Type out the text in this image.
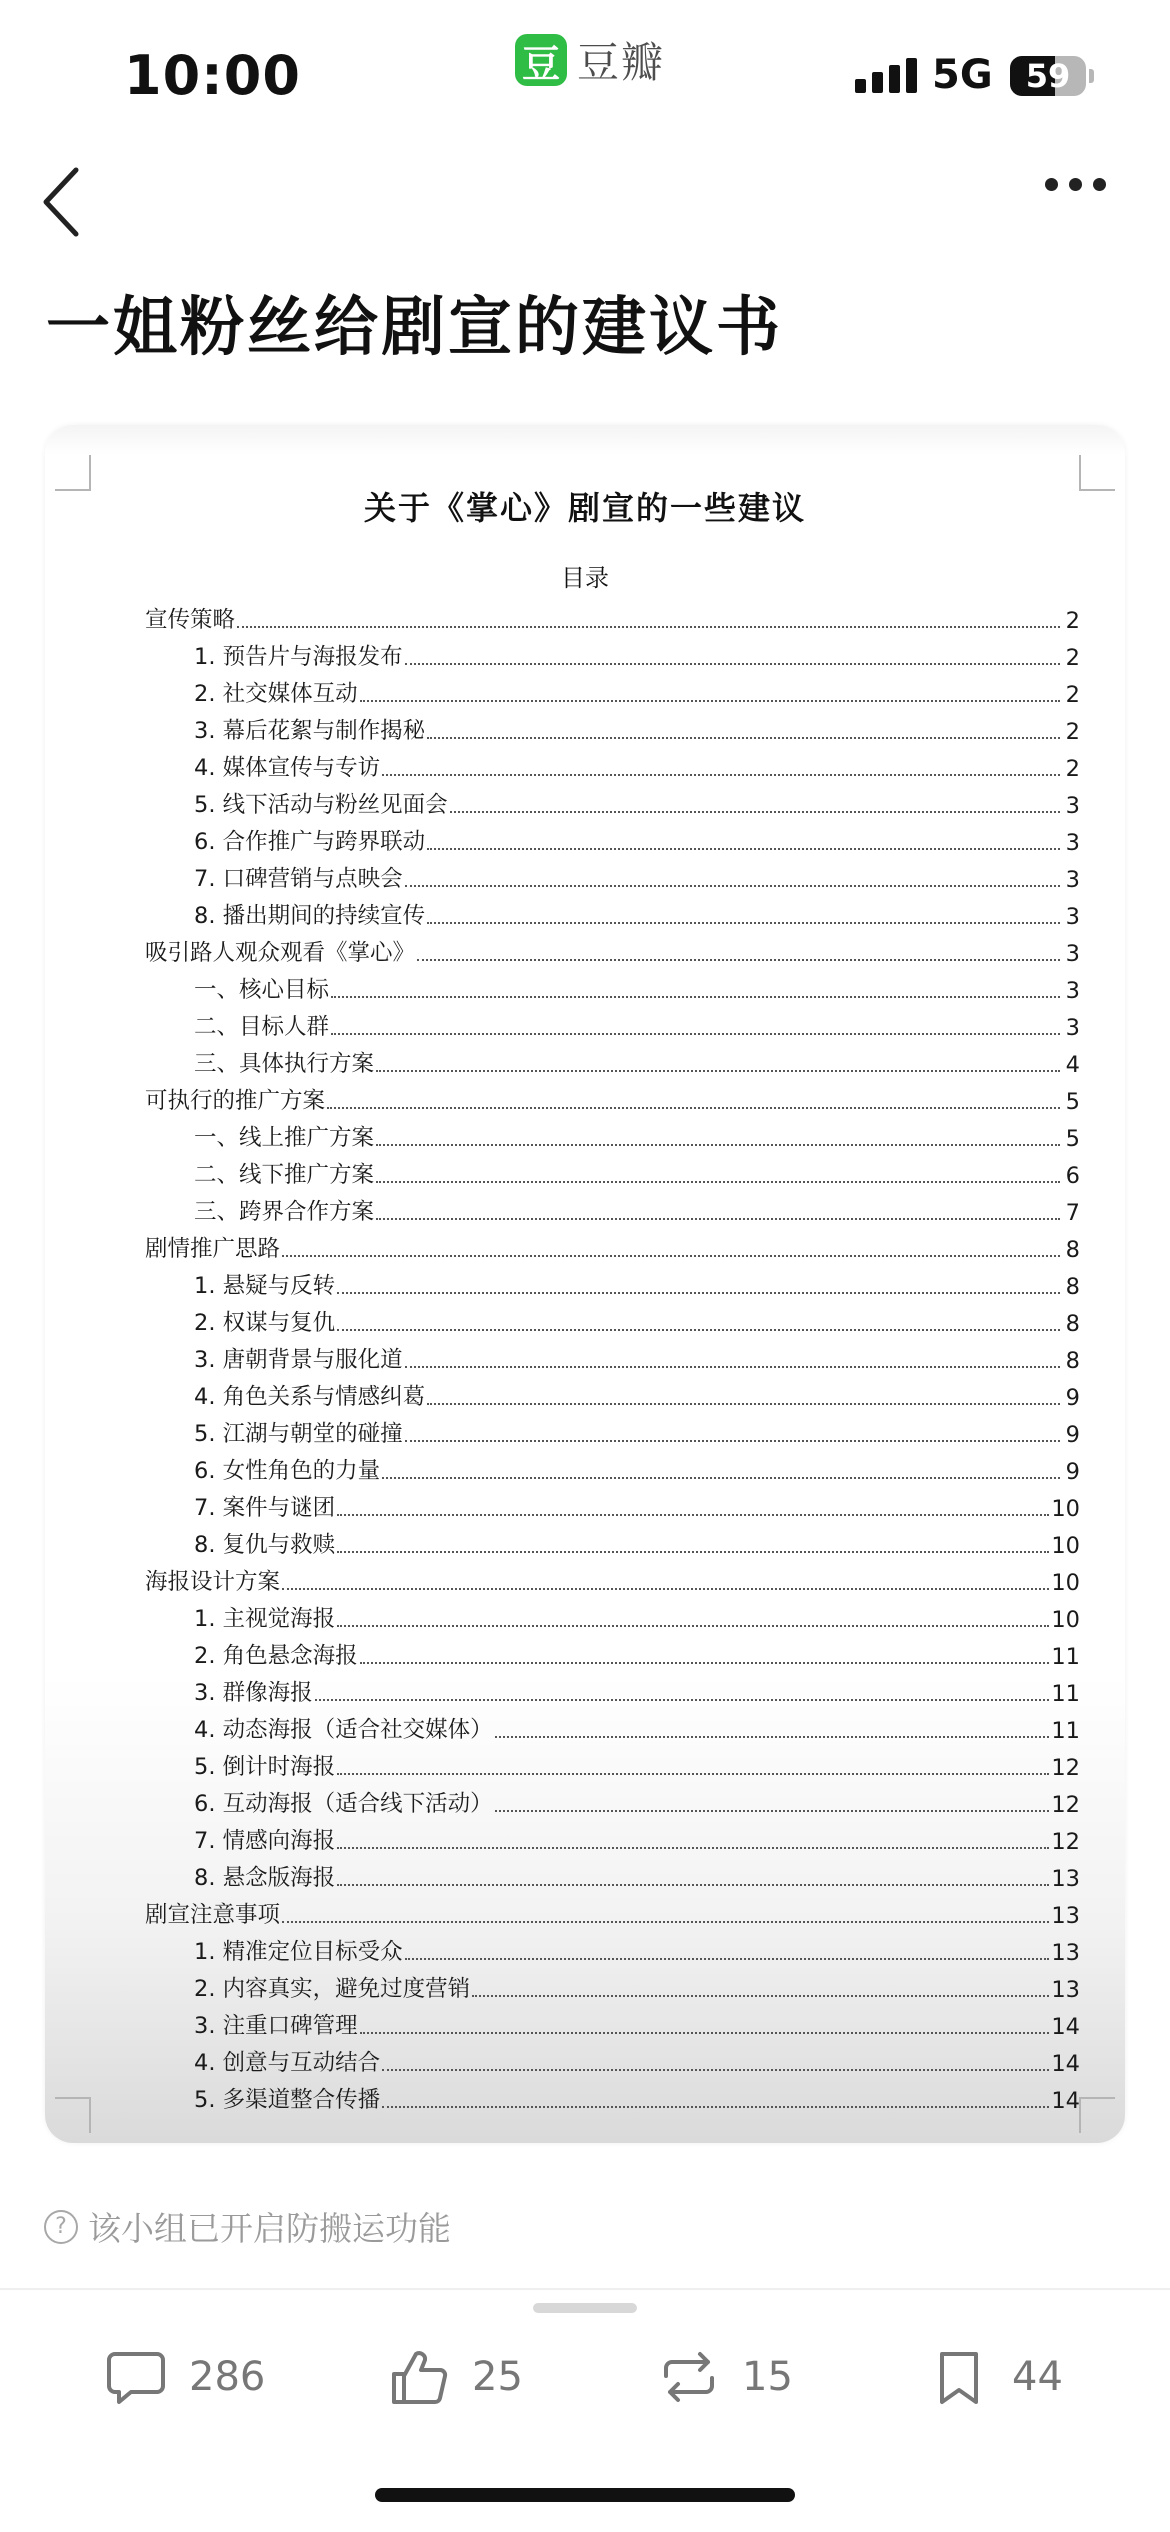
10:00	豆 豆瓣	5G	59
一姐粉丝给剧宣的建议书
关于《掌心》剧宣的一些建议
目录
宣传策略	2
1. 预告片与海报发布	2
2. 社交媒体互动	2
3. 幕后花絮与制作揭秘	2
4. 媒体宣传与专访	2
5. 线下活动与粉丝见面会	3
6. 合作推广与跨界联动	3
7. 口碑营销与点映会	3
8. 播出期间的持续宣传	3
吸引路人观众观看《掌心》	3
一、核心目标	3
二、目标人群	3
三、具体执行方案	4
可执行的推广方案	5
一、线上推广方案	5
二、线下推广方案	6
三、跨界合作方案	7
剧情推广思路	8
1. 悬疑与反转	8
2. 权谋与复仇	8
3. 唐朝背景与服化道	8
4. 角色关系与情感纠葛	9
5. 江湖与朝堂的碰撞	9
6. 女性角色的力量	9
7. 案件与谜团	10
8. 复仇与救赎	10
海报设计方案	10
1. 主视觉海报	10
2. 角色悬念海报	11
3. 群像海报	11
4. 动态海报（适合社交媒体）	11
5. 倒计时海报	12
6. 互动海报（适合线下活动）	12
7. 情感向海报	12
8. 悬念版海报	13
剧宣注意事项	13
1. 精准定位目标受众	13
2. 内容真实，避免过度营销	13
3. 注重口碑管理	14
4. 创意与互动结合	14
5. 多渠道整合传播	14
? 该小组已开启防搬运功能
286	25	15	44
